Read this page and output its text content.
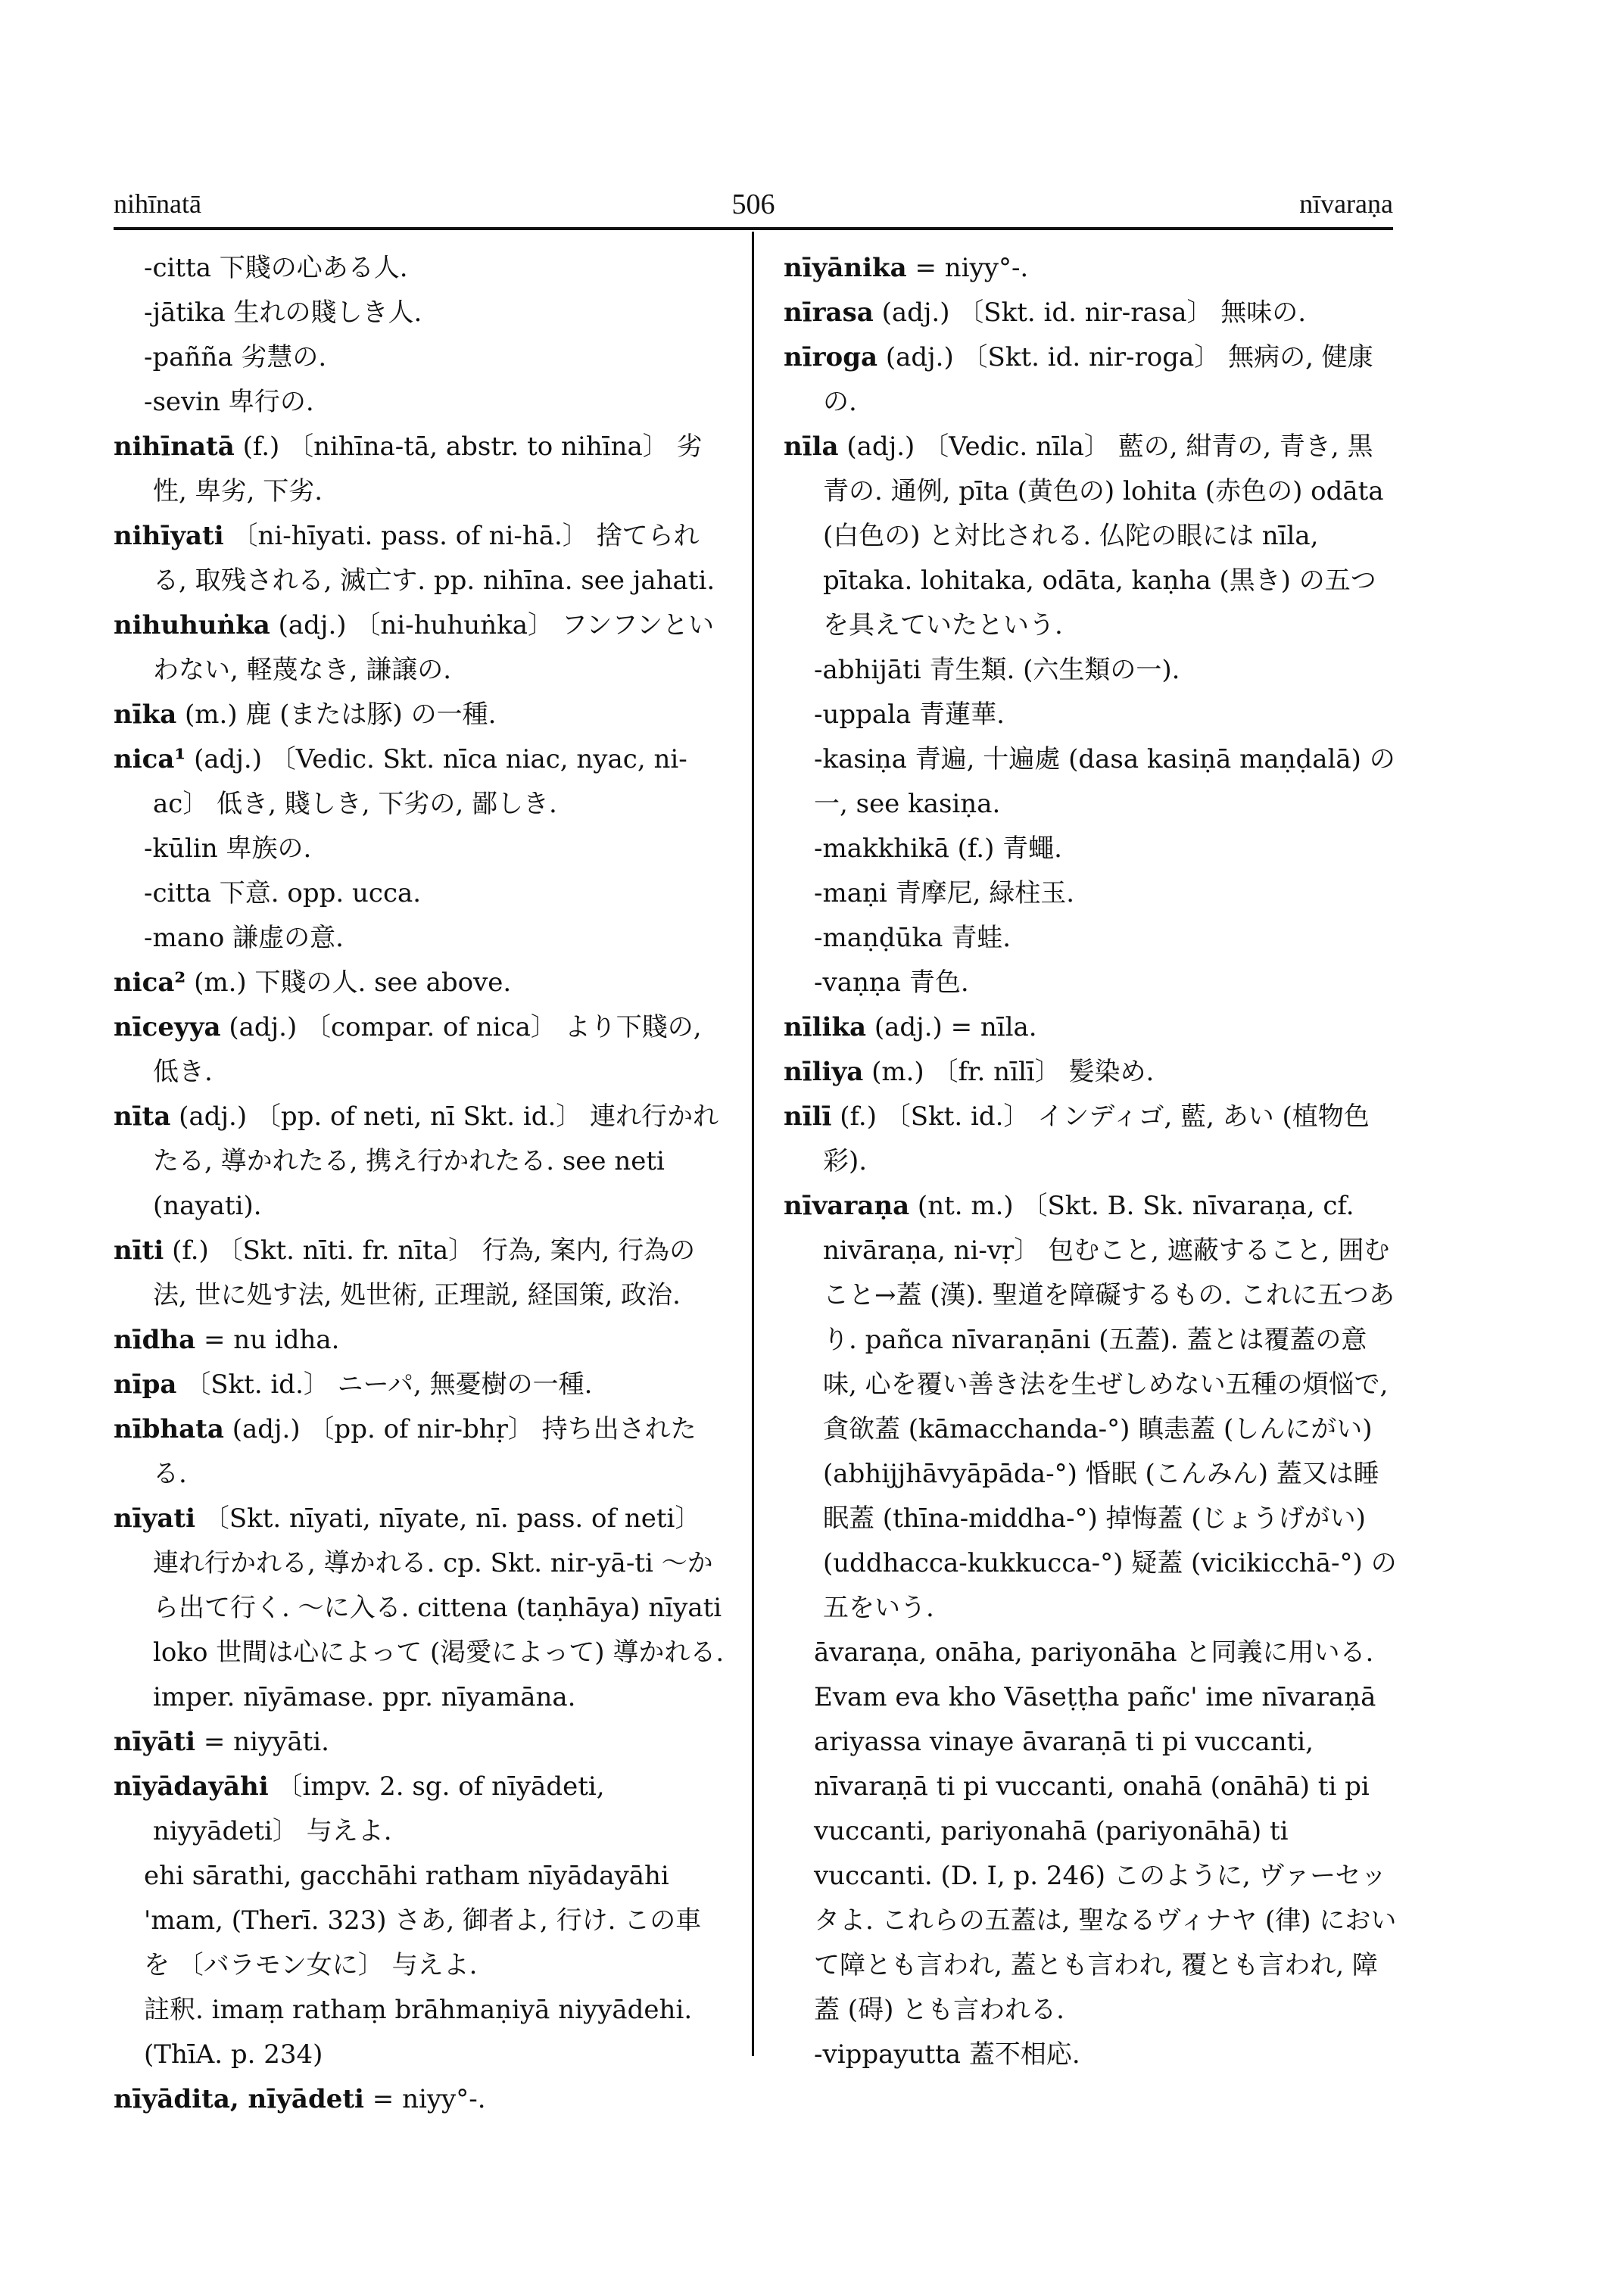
506
nihīnatā	nīvaraṇa

-citta 下賤の心ある人.

-jātika 生れの賤しき人.

-pañña 劣慧の.

-sevin 卑行の.

nihīnatā (f.) 〔nihīna-tā, abstr. to nihīna〕 劣性, 卑劣, 下劣.

nihīyati 〔ni-hīyati. pass. of ni-hā.〕 捨てられる, 取残される, 滅亡す. pp. nihīna. see jahati.

nihuhuṅka (adj.) 〔ni-huhuṅka〕 フンフンといわない, 軽蔑なき, 謙譲の.

nīka (m.) 鹿 (または豚) の一種.

nica¹ (adj.) 〔Vedic. Skt. nīca niac, nyac, ni-ac〕 低き, 賤しき, 下劣の, 鄙しき.

-kūlin 卑族の.

-citta 下意. opp. ucca.

-mano 謙虚の意.

nica² (m.) 下賤の人. see above.

nīceyya (adj.) 〔compar. of nica〕 より下賤の, 低き.

nīta (adj.) 〔pp. of neti, nī Skt. id.〕 連れ行かれたる, 導かれたる, 携え行かれたる. see neti (nayati).

nīti (f.) 〔Skt. nīti. fr. nīta〕 行為, 案内, 行為の法, 世に処す法, 処世術, 正理説, 経国策, 政治.

nīdha = nu idha.

nīpa 〔Skt. id.〕 ニーパ, 無憂樹の一種.

nībhata (adj.) 〔pp. of nir-bhṛ〕 持ち出されたる.

nīyati 〔Skt. nīyati, nīyate, nī. pass. of neti〕 連れ行かれる, 導かれる. cp. Skt. nir-yā-ti ～から出て行く. ～に入る. cittena (taṇhāya) nīyati loko 世間は心によって (渇愛によって) 導かれる. imper. nīyāmase. ppr. nīyamāna.

nīyāti = niyyāti.

nīyādayāhi 〔impv. 2. sg. of nīyādeti, niyyādeti〕 与えよ.

ehi sārathi, gacchāhi ratham nīyādayāhi 'mam, (Therī. 323) さあ, 御者よ, 行け. この車を 〔バラモン女に〕 与えよ.

註釈. imaṃ rathaṃ brāhmaṇiyā niyyādehi. (ThīA. p. 234)

nīyādita, nīyādeti = niyy°-.

nīyānika = niyy°-.

nīrasa (adj.) 〔Skt. id. nir-rasa〕 無味の.

nīroga (adj.) 〔Skt. id. nir-roga〕 無病の, 健康の.

nīla (adj.) 〔Vedic. nīla〕 藍の, 紺青の, 青き, 黒青の. 通例, pīta (黄色の) lohita (赤色の) odāta (白色の) と対比される. 仏陀の眼には nīla, pītaka. lohitaka, odāta, kaṇha (黒き) の五つを具えていたという.

-abhijāti 青生類. (六生類の一).

-uppala 青蓮華.

-kasiṇa 青遍, 十遍處 (dasa kasiṇā maṇḍalā) の一, see kasiṇa.

-makkhikā (f.) 青蠅.

-maṇi 青摩尼, 緑柱玉.

-maṇḍūka 青蛙.

-vaṇṇa 青色.

nīlika (adj.) = nīla.

nīliya (m.) 〔fr. nīlī〕 髪染め.

nīlī (f.) 〔Skt. id.〕 インディゴ, 藍, あい (植物色彩).

nīvaraṇa (nt. m.) 〔Skt. B. Sk. nīvaraṇa, cf. nivāraṇa, ni-vṛ〕 包むこと, 遮蔽すること, 囲むこと→蓋 (漢). 聖道を障礙するもの. これに五つあり. pañca nīvaraṇāni (五蓋). 蓋とは覆蓋の意味, 心を覆い善き法を生ぜしめない五種の煩悩で, 貪欲蓋 (kāmacchanda-°) 瞋恚蓋 (しんにがい) (abhijjhāvyāpāda-°) 惛眠 (こんみん) 蓋又は睡眠蓋 (thīna-middha-°) 掉悔蓋 (じょうげがい) (uddhacca-kukkucca-°) 疑蓋 (vicikicchā-°) の五をいう.

āvaraṇa, onāha, pariyonāha と同義に用いる.

Evam eva kho Vāseṭṭha pañc' ime nīvaraṇā ariyassa vinaye āvaraṇā ti pi vuccanti, nīvaraṇā ti pi vuccanti, onahā (onāhā) ti pi vuccanti, pariyonahā (pariyonāhā) ti vuccanti. (D. I, p. 246) このように, ヴァーセッタよ. これらの五蓋は, 聖なるヴィナヤ (律) において障とも言われ, 蓋とも言われ, 覆とも言われ, 障蓋 (碍) とも言われる.

-vippayutta 蓋不相応.
